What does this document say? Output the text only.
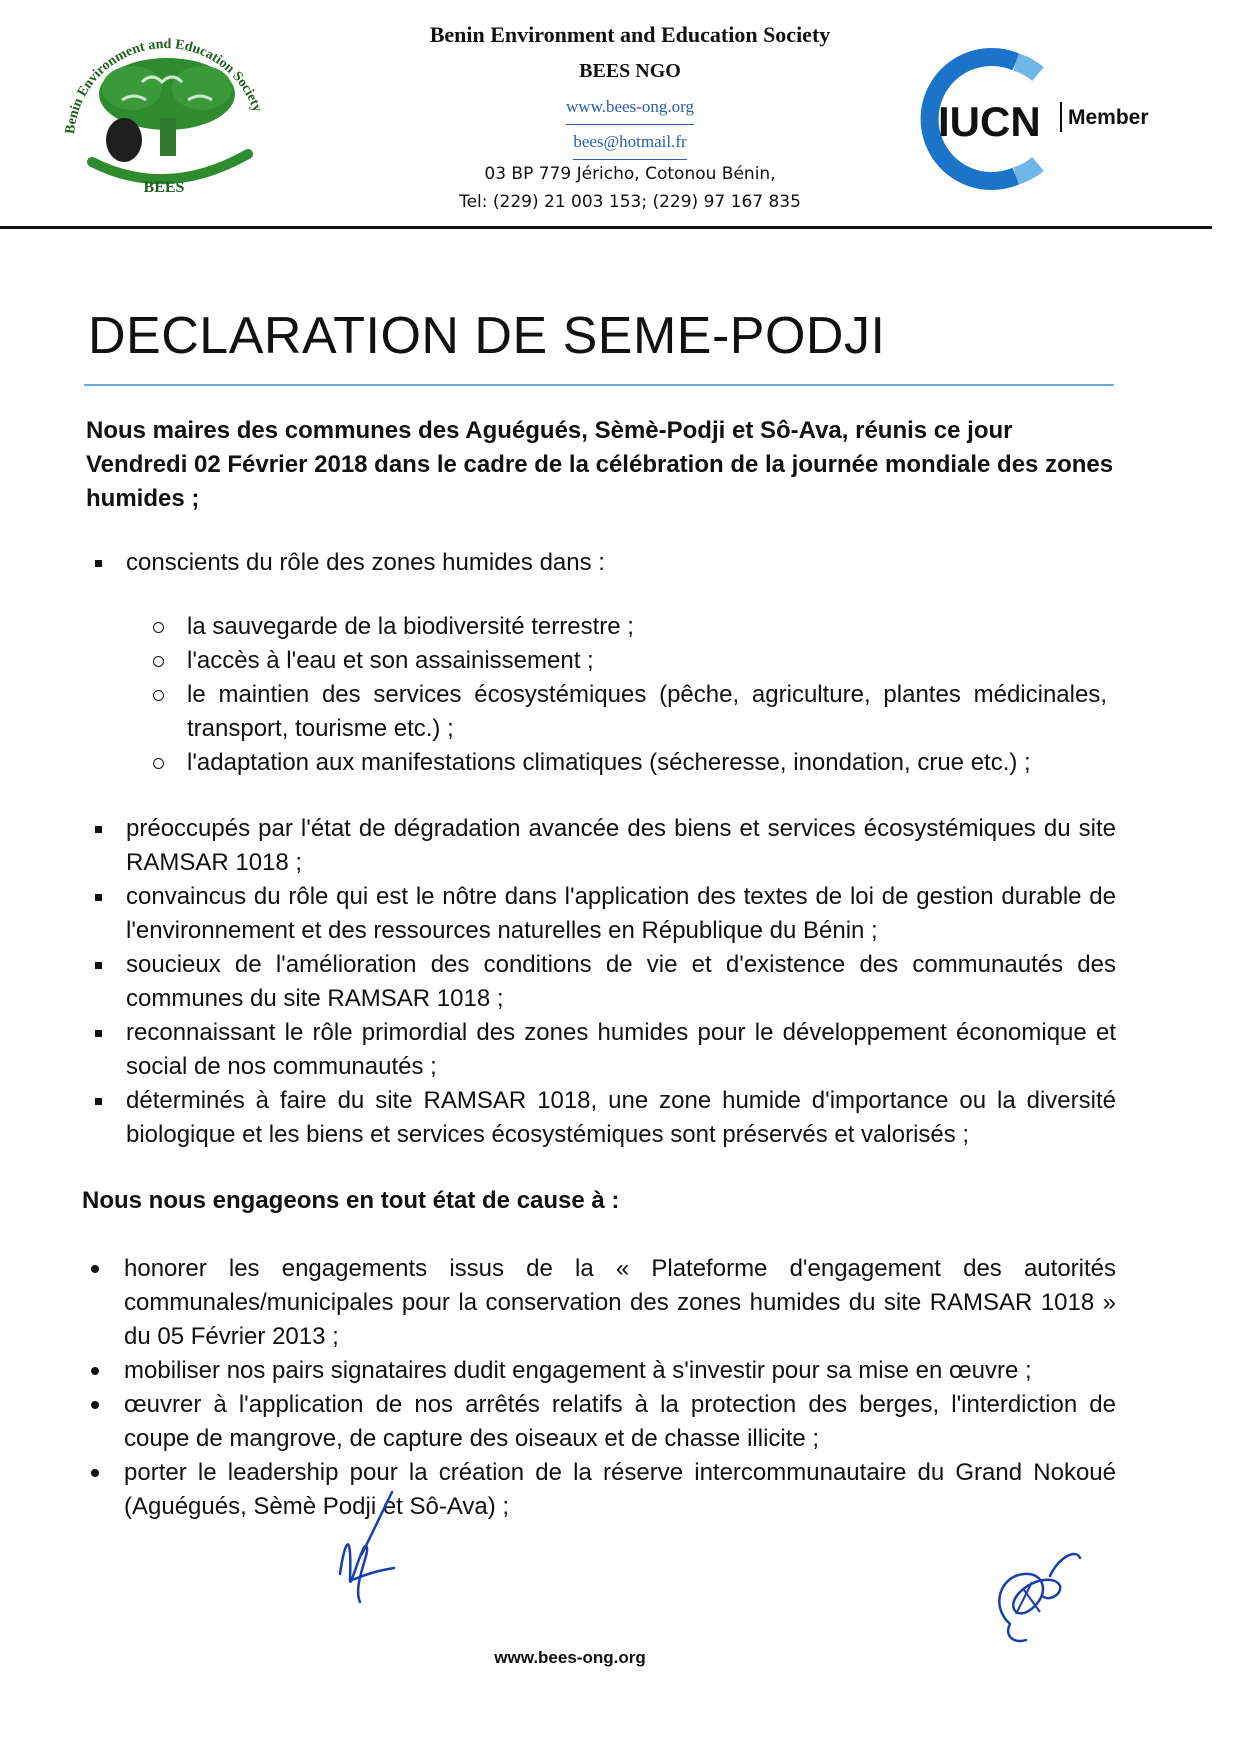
Benin Environment and Education Society
BEES
Benin Environment and Education Society
BEES NGO
www.bees-ong.org
bees@hotmail.fr
03 BP 779 Jéricho, Cotonou Bénin,
Tel: (229) 21 003 153; (229) 97 167 835
IUCN Member
DECLARATION DE SEME-PODJI

Nous maires des communes des Aguégués, Sèmè-Podji et Sô-Ava, réunis ce jour Vendredi 02 Février 2018 dans le cadre de la célébration de la journée mondiale des zones humides ;

conscients du rôle des zones humides dans :
la sauvegarde de la biodiversité terrestre ;
l'accès à l'eau et son assainissement ;
le maintien des services écosystémiques (pêche, agriculture, plantes médicinales, transport, tourisme etc.) ;
l'adaptation aux manifestations climatiques (sécheresse, inondation, crue etc.) ;
préoccupés par l'état de dégradation avancée des biens et services écosystémiques du site RAMSAR 1018 ;
convaincus du rôle qui est le nôtre dans l'application des textes de loi de gestion durable de l'environnement et des ressources naturelles en République du Bénin ;
soucieux de l'amélioration des conditions de vie et d'existence des communautés des communes du site RAMSAR 1018 ;
reconnaissant le rôle primordial des zones humides pour le développement économique et social de nos communautés ;
déterminés à faire du site RAMSAR 1018, une zone humide d'importance ou la diversité biologique et les biens et services écosystémiques sont préservés et valorisés ;

Nous nous engageons en tout état de cause à :

honorer les engagements issus de la « Plateforme d'engagement des autorités communales/municipales pour la conservation des zones humides du site RAMSAR 1018 » du 05 Février 2013 ;
mobiliser nos pairs signataires dudit engagement à s'investir pour sa mise en œuvre ;
œuvrer à l'application de nos arrêtés relatifs à la protection des berges, l'interdiction de coupe de mangrove, de capture des oiseaux et de chasse illicite ;
porter le leadership pour la création de la réserve intercommunautaire du Grand Nokoué (Aguégués, Sèmè Podji et Sô-Ava) ;
www.bees-ong.org
